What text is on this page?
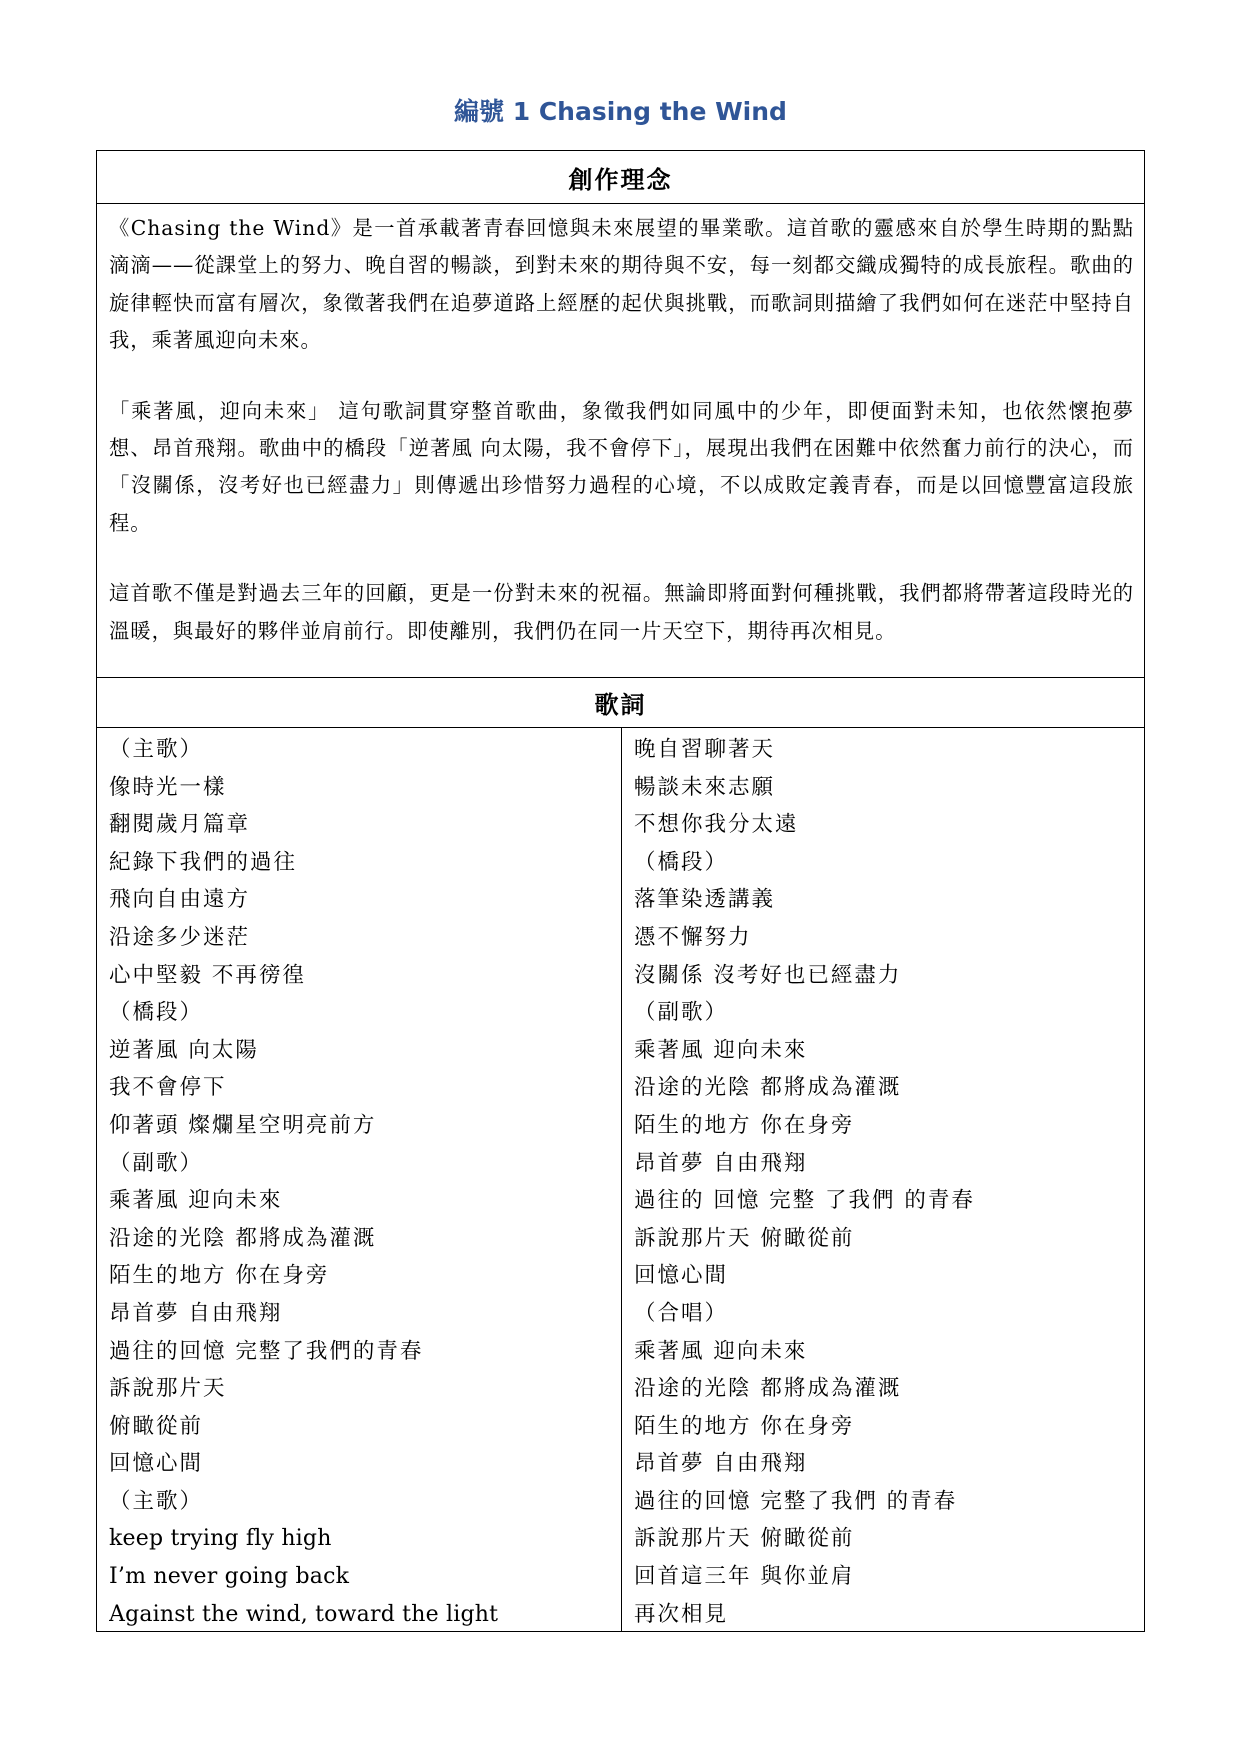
編號 1 Chasing the Wind
創作理念

《Chasing the Wind》是一首承載著青春回憶與未來展望的畢業歌。這首歌的靈感來自於學生時期的點點滴滴——從課堂上的努力、晚自習的暢談，到對未來的期待與不安，每一刻都交織成獨特的成長旅程。歌曲的旋律輕快而富有層次，象徵著我們在追夢道路上經歷的起伏與挑戰，而歌詞則描繪了我們如何在迷茫中堅持自我，乘著風迎向未來。

「乘著風，迎向未來」 這句歌詞貫穿整首歌曲，象徵我們如同風中的少年，即便面對未知，也依然懷抱夢想、昂首飛翔。歌曲中的橋段「逆著風 向太陽，我不會停下」，展現出我們在困難中依然奮力前行的決心，而「沒關係，沒考好也已經盡力」則傳遞出珍惜努力過程的心境，不以成敗定義青春，而是以回憶豐富這段旅程。

這首歌不僅是對過去三年的回顧，更是一份對未來的祝福。無論即將面對何種挑戰，我們都將帶著這段時光的溫暖，與最好的夥伴並肩前行。即使離別，我們仍在同一片天空下，期待再次相見。

歌詞
（主歌）
像時光一樣
翻閱歲月篇章
紀錄下我們的過往
飛向自由遠方
沿途多少迷茫
心中堅毅 不再徬徨
（橋段）
逆著風 向太陽
我不會停下
仰著頭 燦爛星空明亮前方
（副歌）
乘著風 迎向未來
沿途的光陰 都將成為灌溉
陌生的地方 你在身旁
昂首夢 自由飛翔
過往的回憶 完整了我們的青春
訴說那片天
俯瞰從前
回憶心間
（主歌）
keep trying fly high
I’m never going back
Against the wind, toward the light
晚自習聊著天
暢談未來志願
不想你我分太遠
（橋段）
落筆染透講義
憑不懈努力
沒關係 沒考好也已經盡力
（副歌）
乘著風 迎向未來
沿途的光陰 都將成為灌溉
陌生的地方 你在身旁
昂首夢 自由飛翔
過往的 回憶 完整 了我們 的青春
訴說那片天 俯瞰從前
回憶心間
（合唱）
乘著風 迎向未來
沿途的光陰 都將成為灌溉
陌生的地方 你在身旁
昂首夢 自由飛翔
過往的回憶 完整了我們 的青春
訴說那片天 俯瞰從前
回首這三年 與你並肩
再次相見
